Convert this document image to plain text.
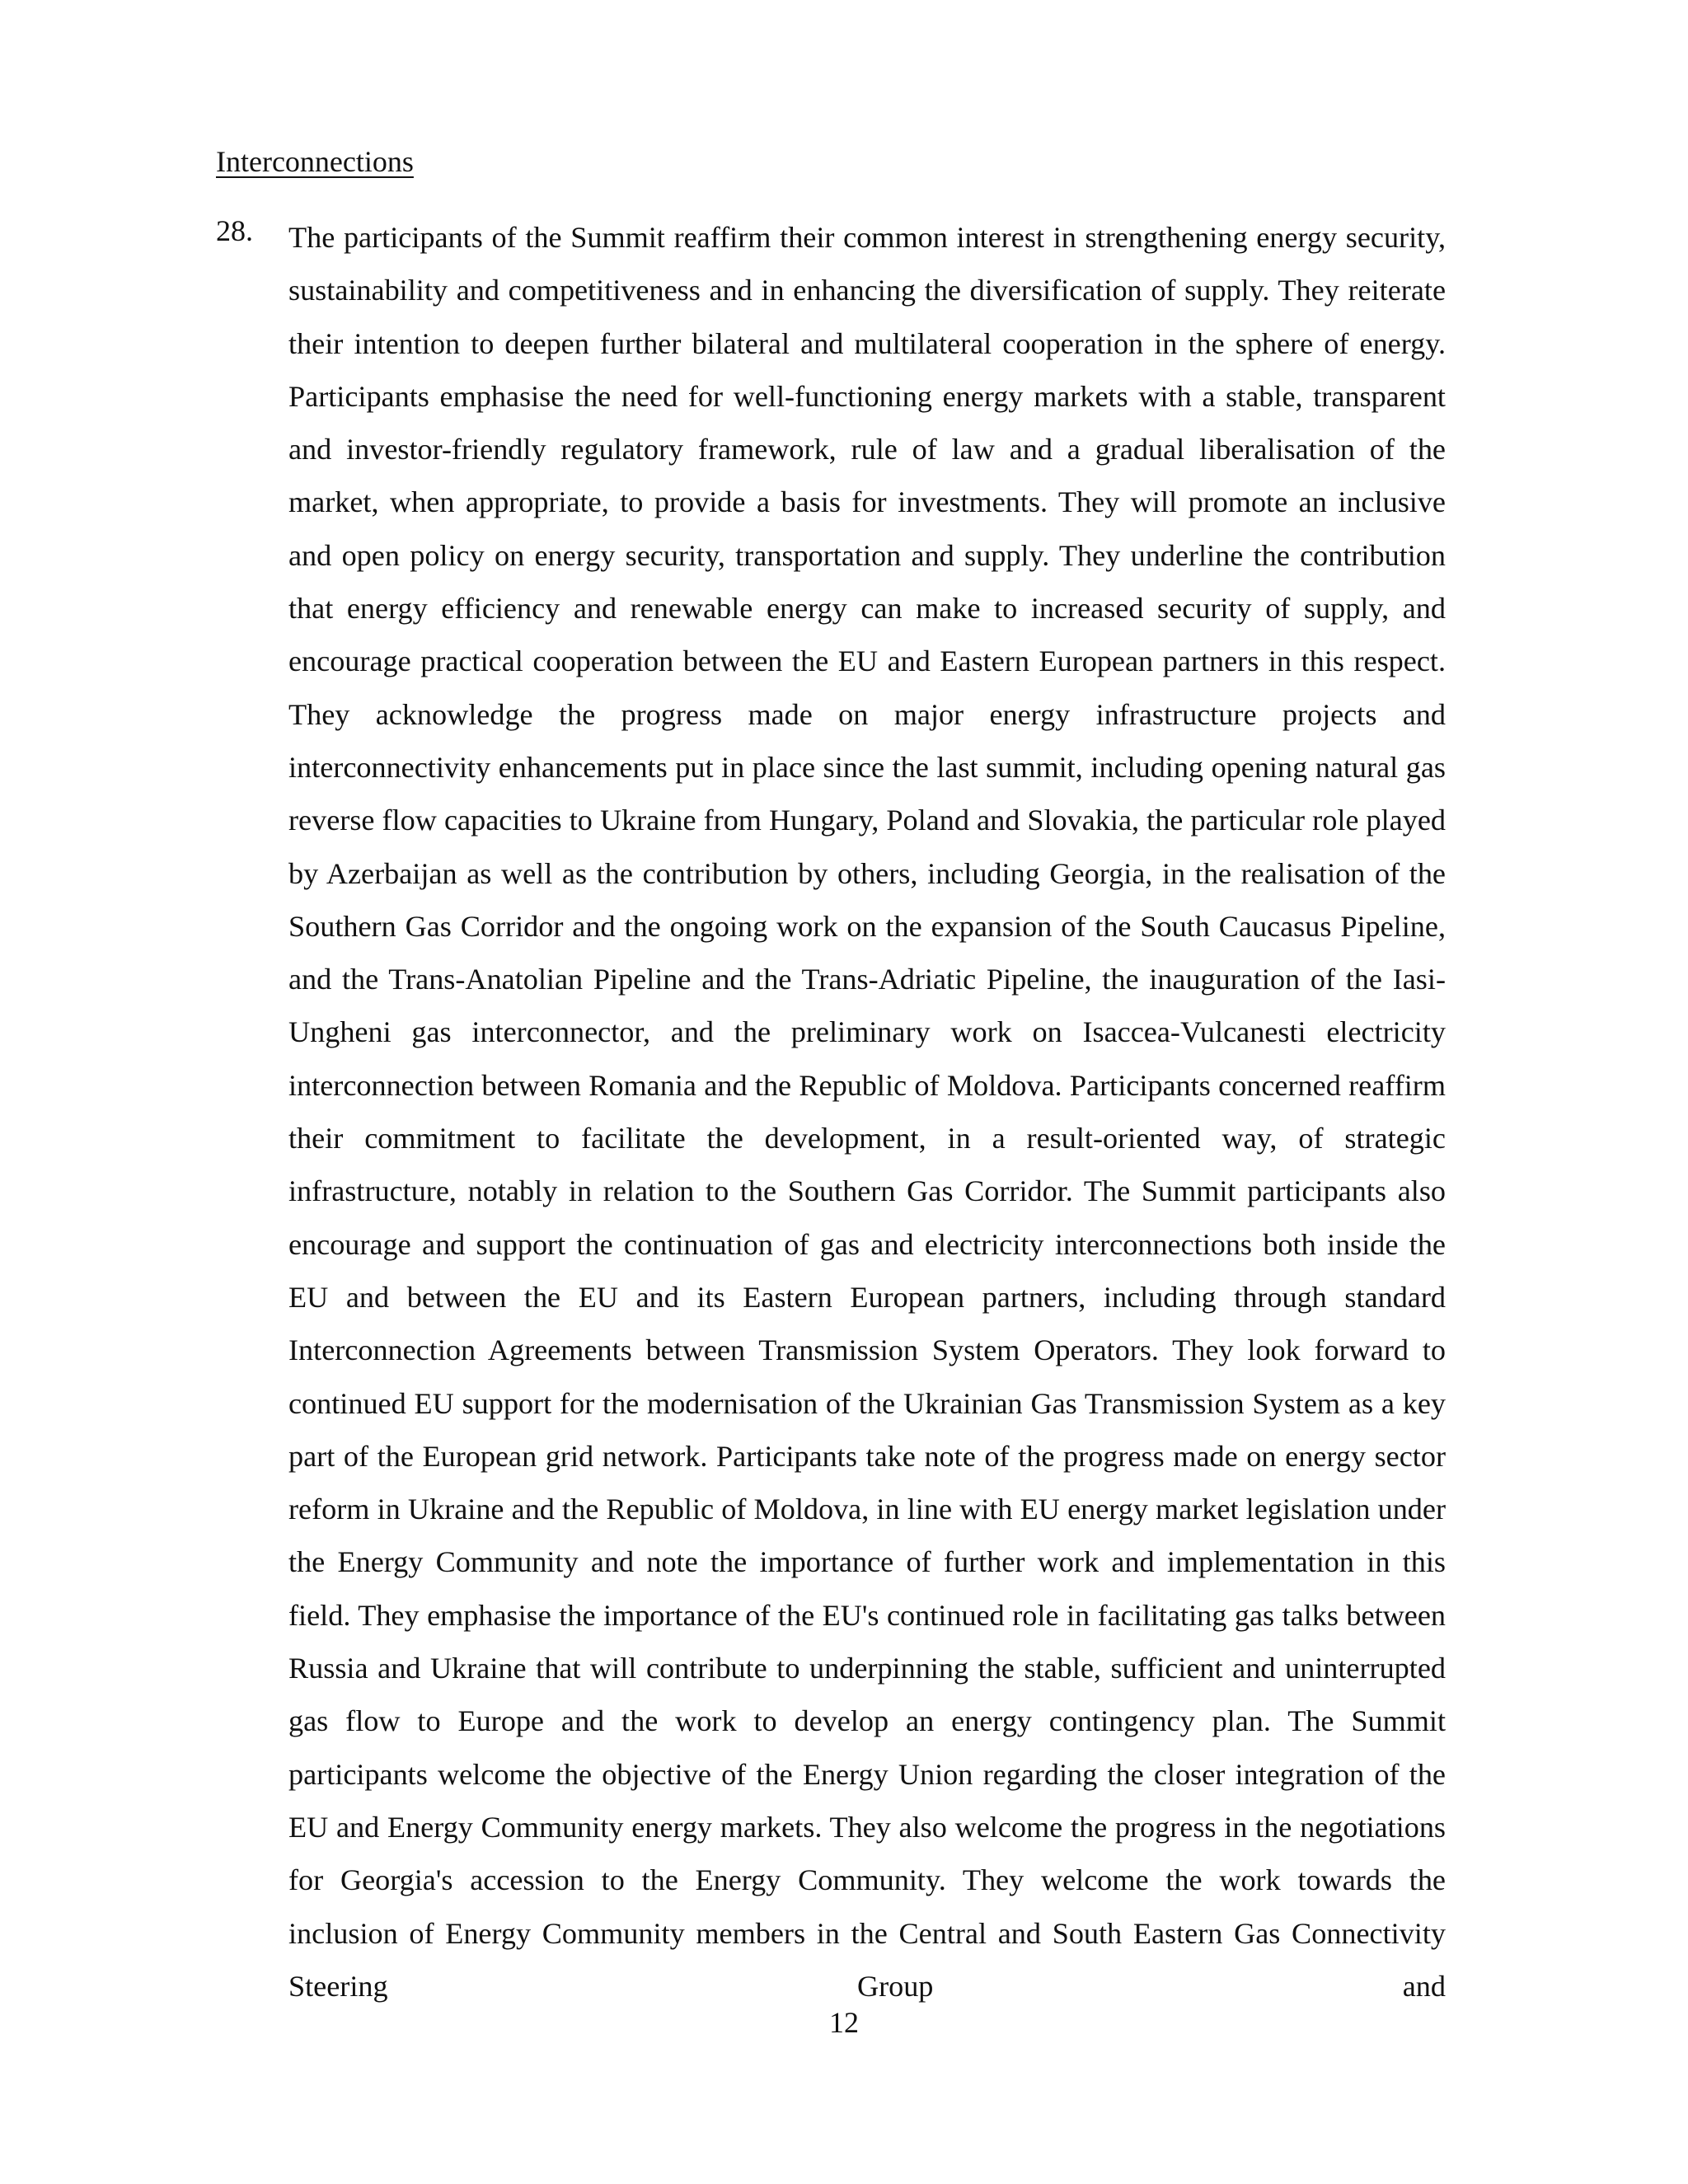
Interconnections
28. The participants of the Summit reaffirm their common interest in strengthening energy security, sustainability and competitiveness and in enhancing the diversification of supply. They reiterate their intention to deepen further bilateral and multilateral cooperation in the sphere of energy. Participants emphasise the need for well-functioning energy markets with a stable, transparent and investor-friendly regulatory framework, rule of law and a gradual liberalisation of the market, when appropriate, to provide a basis for investments. They will promote an inclusive and open policy on energy security, transportation and supply. They underline the contribution that energy efficiency and renewable energy can make to increased security of supply, and encourage practical cooperation between the EU and Eastern European partners in this respect. They acknowledge the progress made on major energy infrastructure projects and interconnectivity enhancements put in place since the last summit, including opening natural gas reverse flow capacities to Ukraine from Hungary, Poland and Slovakia, the particular role played by Azerbaijan as well as the contribution by others, including Georgia, in the realisation of the Southern Gas Corridor and the ongoing work on the expansion of the South Caucasus Pipeline, and the Trans-Anatolian Pipeline and the Trans-Adriatic Pipeline, the inauguration of the Iasi-Ungheni gas interconnector, and the preliminary work on Isaccea-Vulcanesti electricity interconnection between Romania and the Republic of Moldova. Participants concerned reaffirm their commitment to facilitate the development, in a result-oriented way, of strategic infrastructure, notably in relation to the Southern Gas Corridor. The Summit participants also encourage and support the continuation of gas and electricity interconnections both inside the EU and between the EU and its Eastern European partners, including through standard Interconnection Agreements between Transmission System Operators. They look forward to continued EU support for the modernisation of the Ukrainian Gas Transmission System as a key part of the European grid network. Participants take note of the progress made on energy sector reform in Ukraine and the Republic of Moldova, in line with EU energy market legislation under the Energy Community and note the importance of further work and implementation in this field. They emphasise the importance of the EU's continued role in facilitating gas talks between Russia and Ukraine that will contribute to underpinning the stable, sufficient and uninterrupted gas flow to Europe and the work to develop an energy contingency plan. The Summit participants welcome the objective of the Energy Union regarding the closer integration of the EU and Energy Community energy markets. They also welcome the progress in the negotiations for Georgia's accession to the Energy Community. They welcome the work towards the inclusion of Energy Community members in the Central and South Eastern Gas Connectivity Steering Group and

12
